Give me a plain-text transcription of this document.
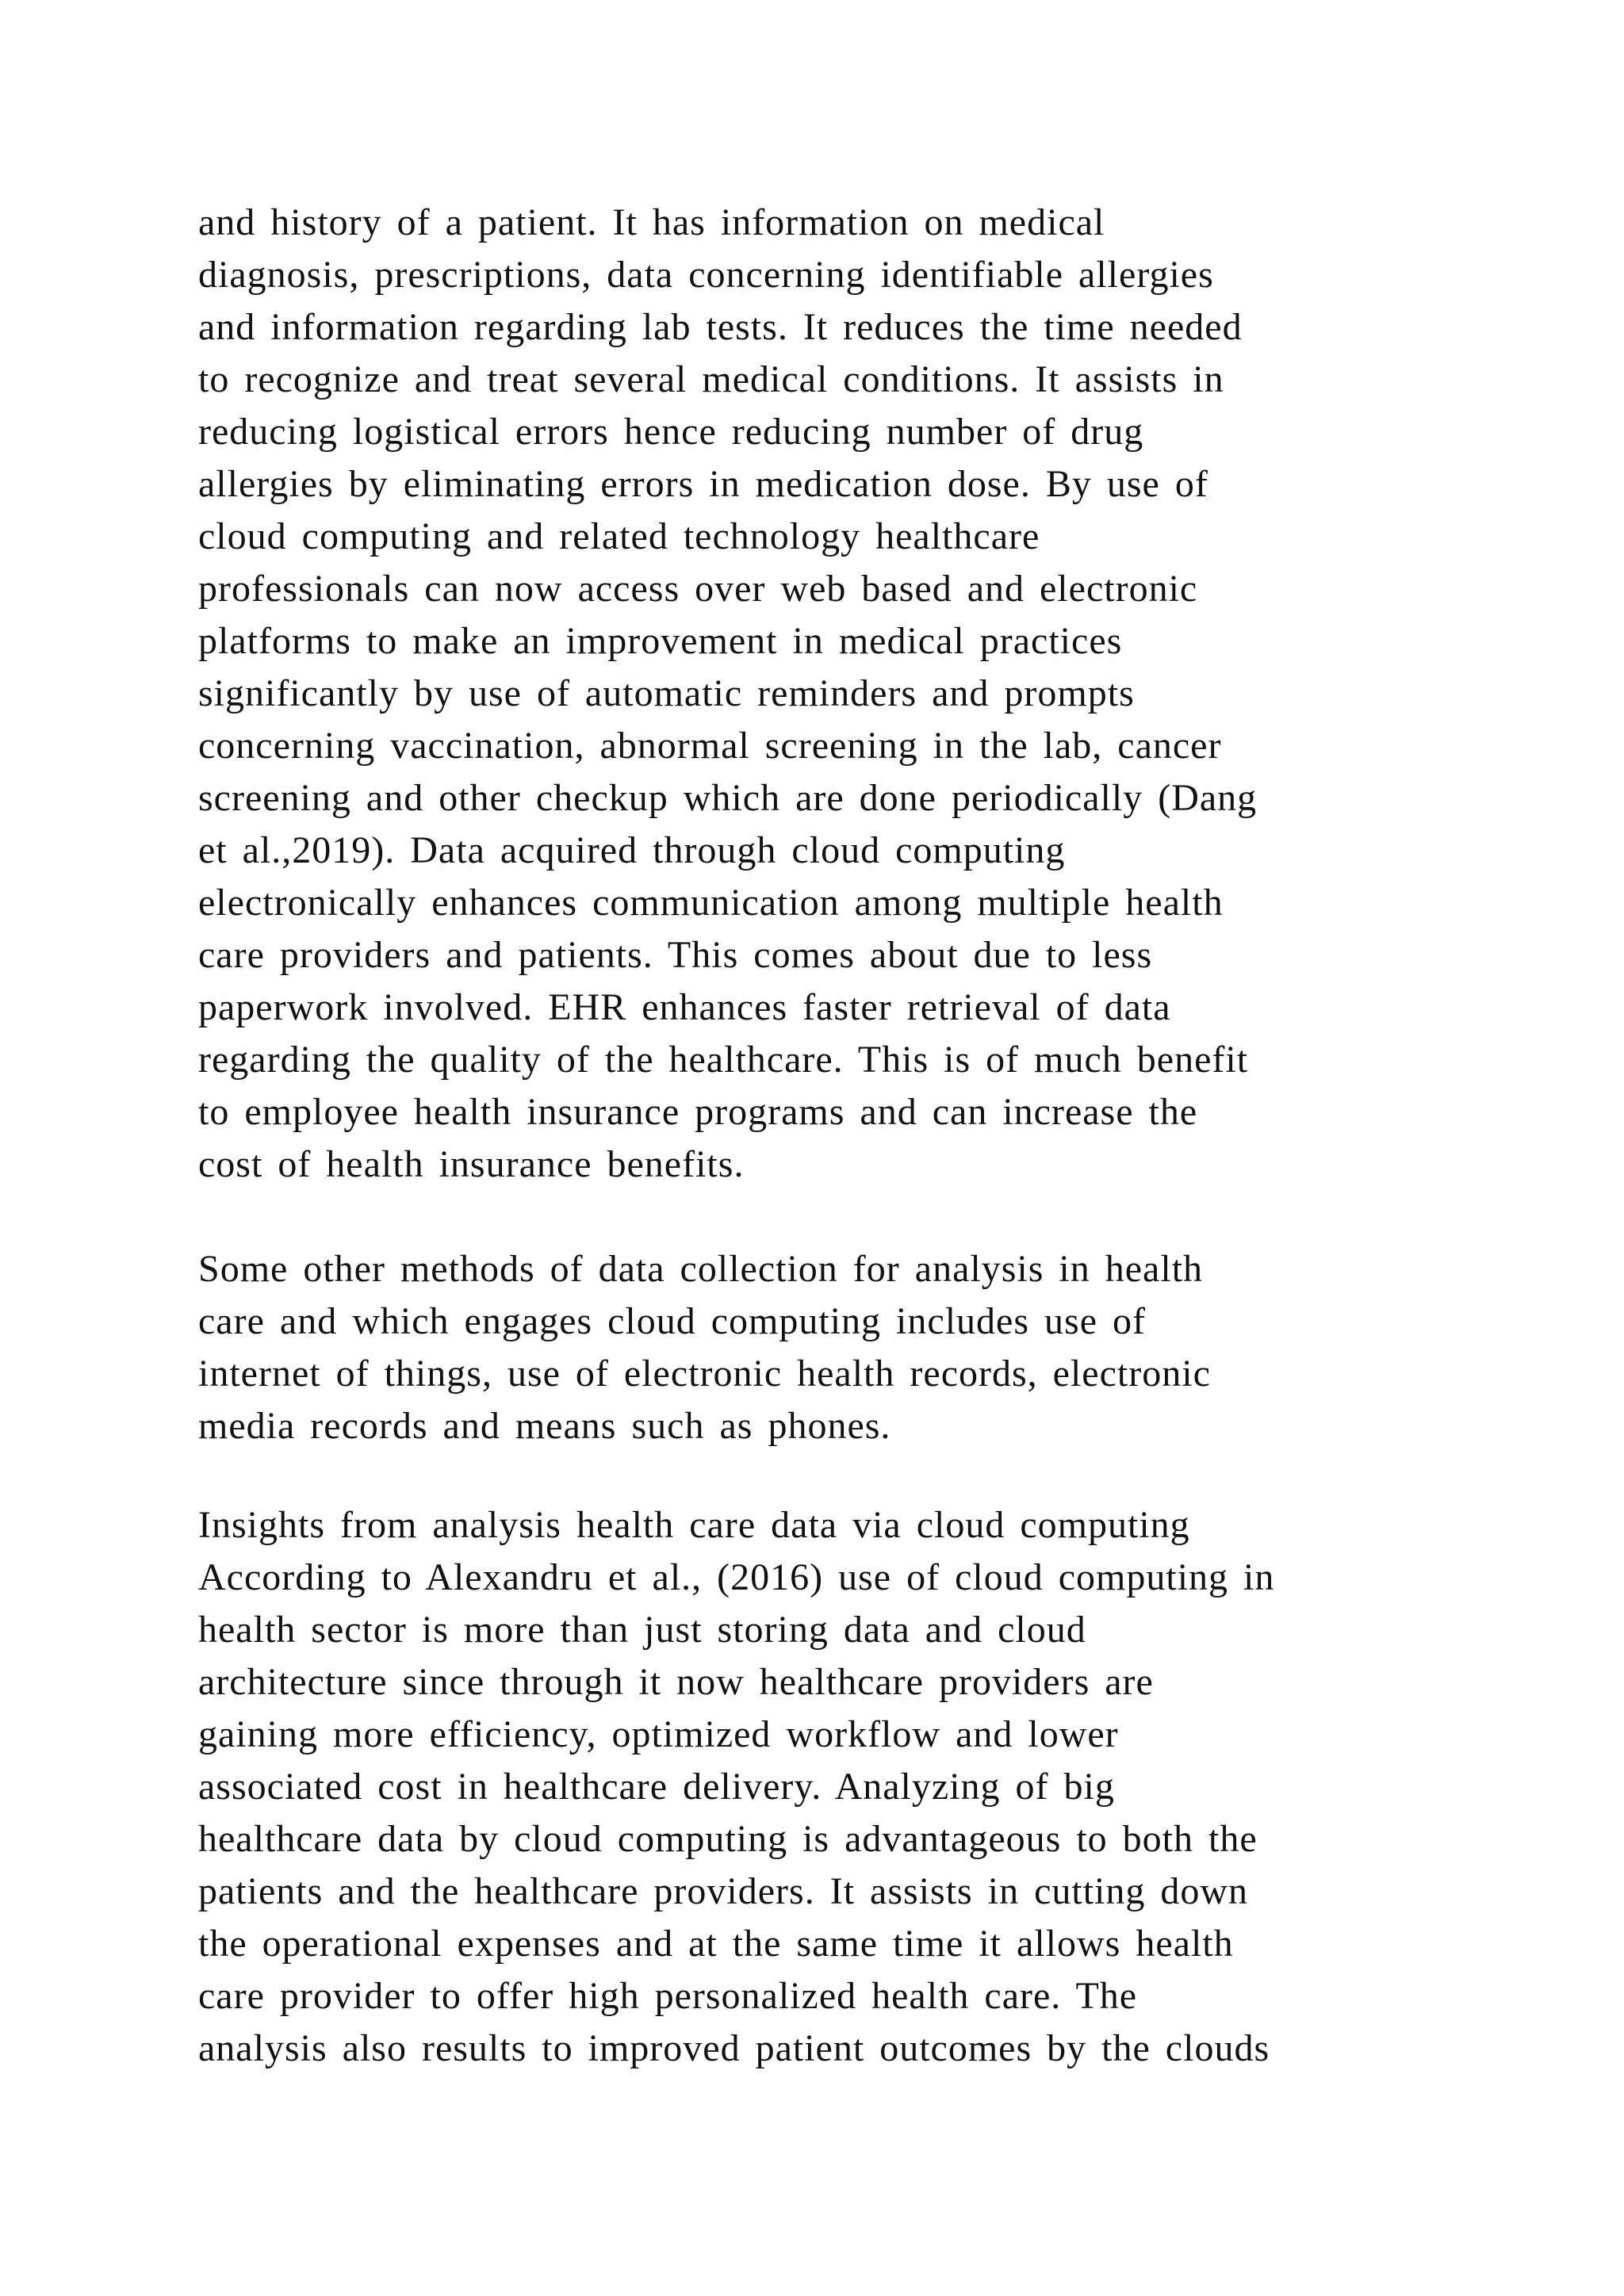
and history of a patient. It has information on medical
diagnosis, prescriptions, data concerning identifiable allergies
and information regarding lab tests. It reduces the time needed
to recognize and treat several medical conditions. It assists in
reducing logistical errors hence reducing number of drug
allergies by eliminating errors in medication dose. By use of
cloud computing and related technology healthcare
professionals can now access over web based and electronic
platforms to make an improvement in medical practices
significantly by use of automatic reminders and prompts
concerning vaccination, abnormal screening in the lab, cancer
screening and other checkup which are done periodically (Dang
et al.,2019). Data acquired through cloud computing
electronically enhances communication among multiple health
care providers and patients. This comes about due to less
paperwork involved. EHR enhances faster retrieval of data
regarding the quality of the healthcare. This is of much benefit
to employee health insurance programs and can increase the
cost of health insurance benefits.
Some other methods of data collection for analysis in health
care and which engages cloud computing includes use of
internet of things, use of electronic health records, electronic
media records and means such as phones.
Insights from analysis health care data via cloud computing
According to Alexandru et al., (2016) use of cloud computing in
health sector is more than just storing data and cloud
architecture since through it now healthcare providers are
gaining more efficiency, optimized workflow and lower
associated cost in healthcare delivery. Analyzing of big
healthcare data by cloud computing is advantageous to both the
patients and the healthcare providers. It assists in cutting down
the operational expenses and at the same time it allows health
care provider to offer high personalized health care. The
analysis also results to improved patient outcomes by the clouds
